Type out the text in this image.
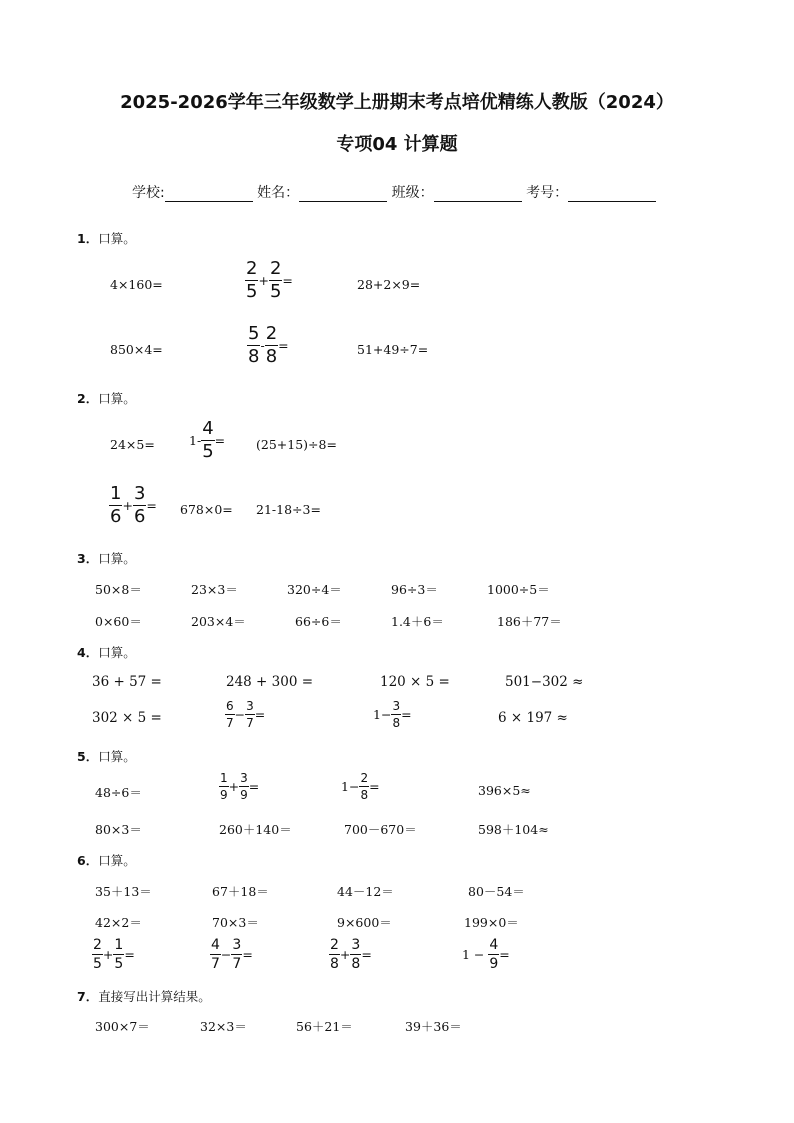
2025-2026学年三年级数学上册期末考点培优精练人教版（2024）
专项04 计算题
学校:	姓名：	班级：	考号：
1．口算。
4×160=	$\frac{2}{5} + \frac{2}{5}$ =	28+2×9=
850×4=	$\frac{5}{8} - \frac{2}{8}$ =	51+49÷7=
2．口算。
24×5=	$1- \frac{4}{5} = (25+15)\div 8=$
$\frac{1}{6} + \frac{3}{6} = 678\times 0= 21-18\div 3=$
3．口算。
50×8＝	23×3＝	320÷4＝	96÷3＝	1000÷5＝
0×60＝	203×4＝	66÷6＝	1.4＋6＝	186＋77＝
4．口算。
36 + 57 =	248 + 300 =	120 × 5 =	501−302 ≈
302 × 5 =	$\frac{6}{7} - \frac{3}{7}$ =	$1- \frac{3}{8}$ =	6 × 197 ≈
5．口算。
48÷6＝	$\frac{1}{9} + \frac{3}{9}$ =	$1- \frac{2}{8}$ =	396×5≈
80×3＝	260＋140＝	700－670＝	598＋104≈
6．口算。
35＋13＝	67＋18＝	44－12＝	80－54＝
42×2＝	70×3＝	9×600＝	199×0＝
$\frac{2}{5} + \frac{1}{5}$ =	$\frac{4}{7} - \frac{3}{7}$ =	$\frac{2}{8} + \frac{3}{8}$ =	$1 - \frac{4}{9}$ =
7．直接写出计算结果。
300×7＝	32×3＝	56＋21＝	39＋36＝
